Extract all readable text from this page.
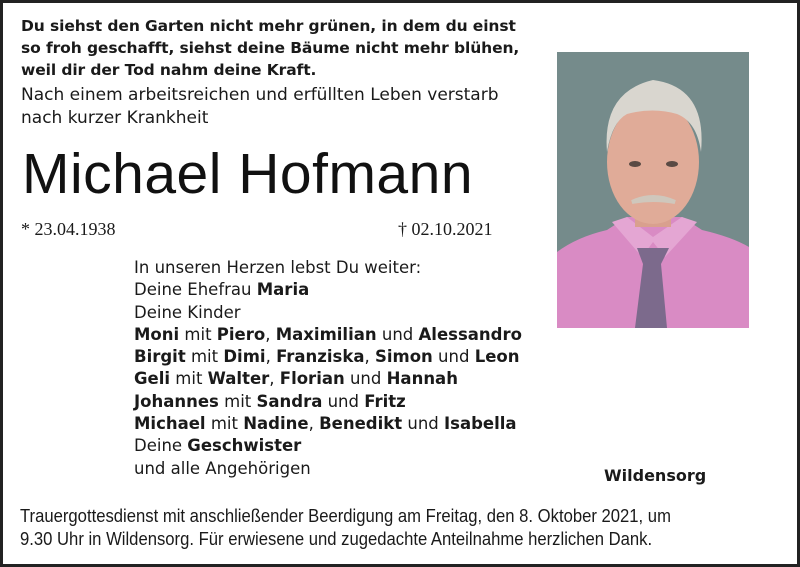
Du siehst den Garten nicht mehr grünen, in dem du einst
so froh geschafft, siehst deine Bäume nicht mehr blühen,
weil dir der Tod nahm deine Kraft.
Nach einem arbeitsreichen und erfüllten Leben verstarb
nach kurzer Krankheit
Michael Hofmann
* 23.04.1938	† 02.10.2021
In unseren Herzen lebst Du weiter:
Deine Ehefrau Maria
Deine Kinder
Moni mit Piero, Maximilian und Alessandro
Birgit mit Dimi, Franziska, Simon und Leon
Geli mit Walter, Florian und Hannah
Johannes mit Sandra und Fritz
Michael mit Nadine, Benedikt und Isabella
Deine Geschwister
und alle Angehörigen	Wildensorg
Trauergottesdienst mit anschließender Beerdigung am Freitag, den 8. Oktober 2021, um
9.30 Uhr in Wildensorg. Für erwiesene und zugedachte Anteilnahme herzlichen Dank.
